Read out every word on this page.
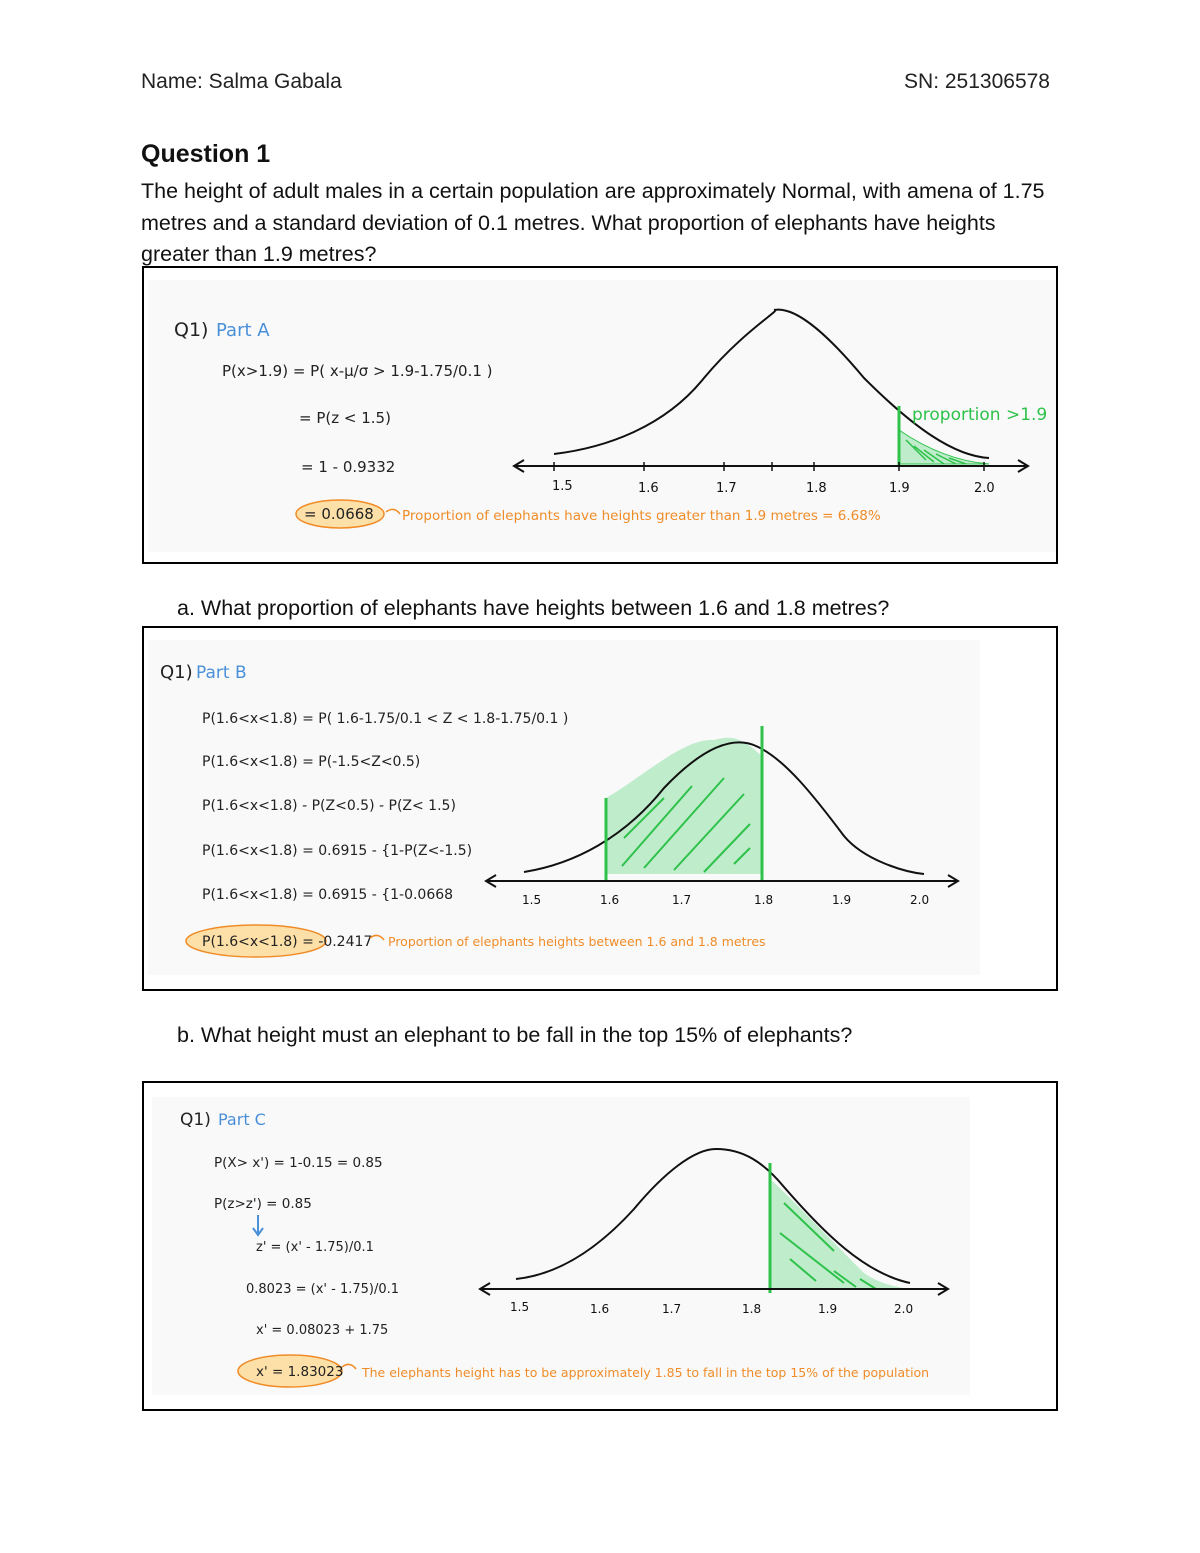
Name: Salma Gabala	SN: 251306578
Question 1
The height of adult males in a certain population are approximately Normal, with amena of 1.75 metres and a standard deviation of 0.1 metres. What proportion of elephants have heights greater than 1.9 metres?
Q1) Part A
P(x>1.9) = P( x-μ/σ > 1.9-1.75/0.1 )
= P(z < 1.5)
= 1 - 0.9332
= 0.0668 Proportion of elephants have heights greater than 1.9 metres = 6.68%
proportion >1.9
1.5	1.6	1.7	1.8	1.9	2.0
a. What proportion of elephants have heights between 1.6 and 1.8 metres?
Q1) Part B
P(1.6<x<1.8) = P( 1.6-1.75/0.1 < Z < 1.8-1.75/0.1 )
P(1.6<x<1.8) = P(-1.5<Z<0.5)
P(1.6<x<1.8) - P(Z<0.5) - P(Z< 1.5)
P(1.6<x<1.8) = 0.6915 - {1-P(Z<-1.5)
P(1.6<x<1.8) = 0.6915 - {1-0.0668
P(1.6<x<1.8) = -0.2417 Proportion of elephants heights between 1.6 and 1.8 metres
1.5	1.6	1.7	1.8	1.9	2.0
b. What height must an elephant to be fall in the top 15% of elephants?
Q1) Part C
P(X> x') = 1-0.15 = 0.85
P(z>z') = 0.85
z' = (x' - 1.75)/0.1
0.8023 = (x' - 1.75)/0.1
x' = 0.08023 + 1.75
x' = 1.83023 The elephants height has to be approximately 1.85 to fall in the top 15% of the population
1.5	1.6	1.7	1.8	1.9	2.0
